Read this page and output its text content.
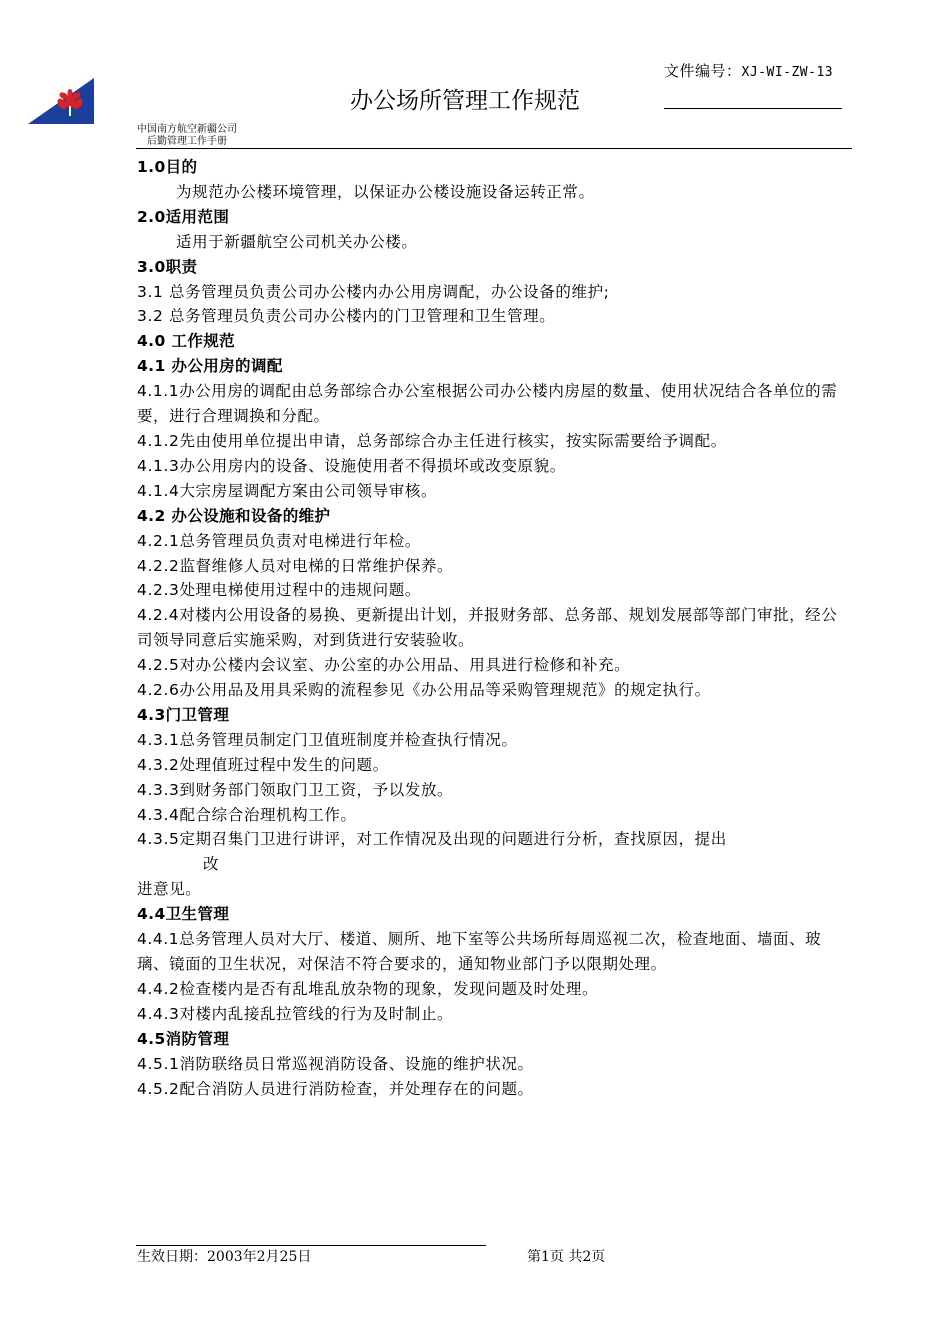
文件编号：XJ-WI-ZW-13
办公场所管理工作规范
中国南方航空新疆公司
后勤管理工作手册
1.0目的
为规范办公楼环境管理，以保证办公楼设施设备运转正常。
2.0适用范围
适用于新疆航空公司机关办公楼。
3.0职责
3.1 总务管理员负责公司办公楼内办公用房调配，办公设备的维护;
3.2 总务管理员负责公司办公楼内的门卫管理和卫生管理。
4.0 工作规范
4.1 办公用房的调配
4.1.1办公用房的调配由总务部综合办公室根据公司办公楼内房屋的数量、使用状况结合各单位的需要，进行合理调换和分配。
4.1.2先由使用单位提出申请，总务部综合办主任进行核实，按实际需要给予调配。
4.1.3办公用房内的设备、设施使用者不得损坏或改变原貌。
4.1.4大宗房屋调配方案由公司领导审核。
4.2 办公设施和设备的维护
4.2.1总务管理员负责对电梯进行年检。
4.2.2监督维修人员对电梯的日常维护保养。
4.2.3处理电梯使用过程中的违规问题。
4.2.4对楼内公用设备的易换、更新提出计划，并报财务部、总务部、规划发展部等部门审批，经公司领导同意后实施采购，对到货进行安装验收。
4.2.5对办公楼内会议室、办公室的办公用品、用具进行检修和补充。
4.2.6办公用品及用具采购的流程参见《办公用品等采购管理规范》的规定执行。
4.3门卫管理
4.3.1总务管理员制定门卫值班制度并检查执行情况。
4.3.2处理值班过程中发生的问题。
4.3.3到财务部门领取门卫工资，予以发放。
4.3.4配合综合治理机构工作。
4.3.5定期召集门卫进行讲评，对工作情况及出现的问题进行分析，查找原因，提出
改
进意见。
4.4卫生管理
4.4.1总务管理人员对大厅、楼道、厕所、地下室等公共场所每周巡视二次，检查地面、墙面、玻璃、镜面的卫生状况，对保洁不符合要求的，通知物业部门予以限期处理。
4.4.2检查楼内是否有乱堆乱放杂物的现象，发现问题及时处理。
4.4.3对楼内乱接乱拉管线的行为及时制止。
4.5消防管理
4.5.1消防联络员日常巡视消防设备、设施的维护状况。
4.5.2配合消防人员进行消防检查，并处理存在的问题。
生效日期：2003年2月25日	第1页 共2页
